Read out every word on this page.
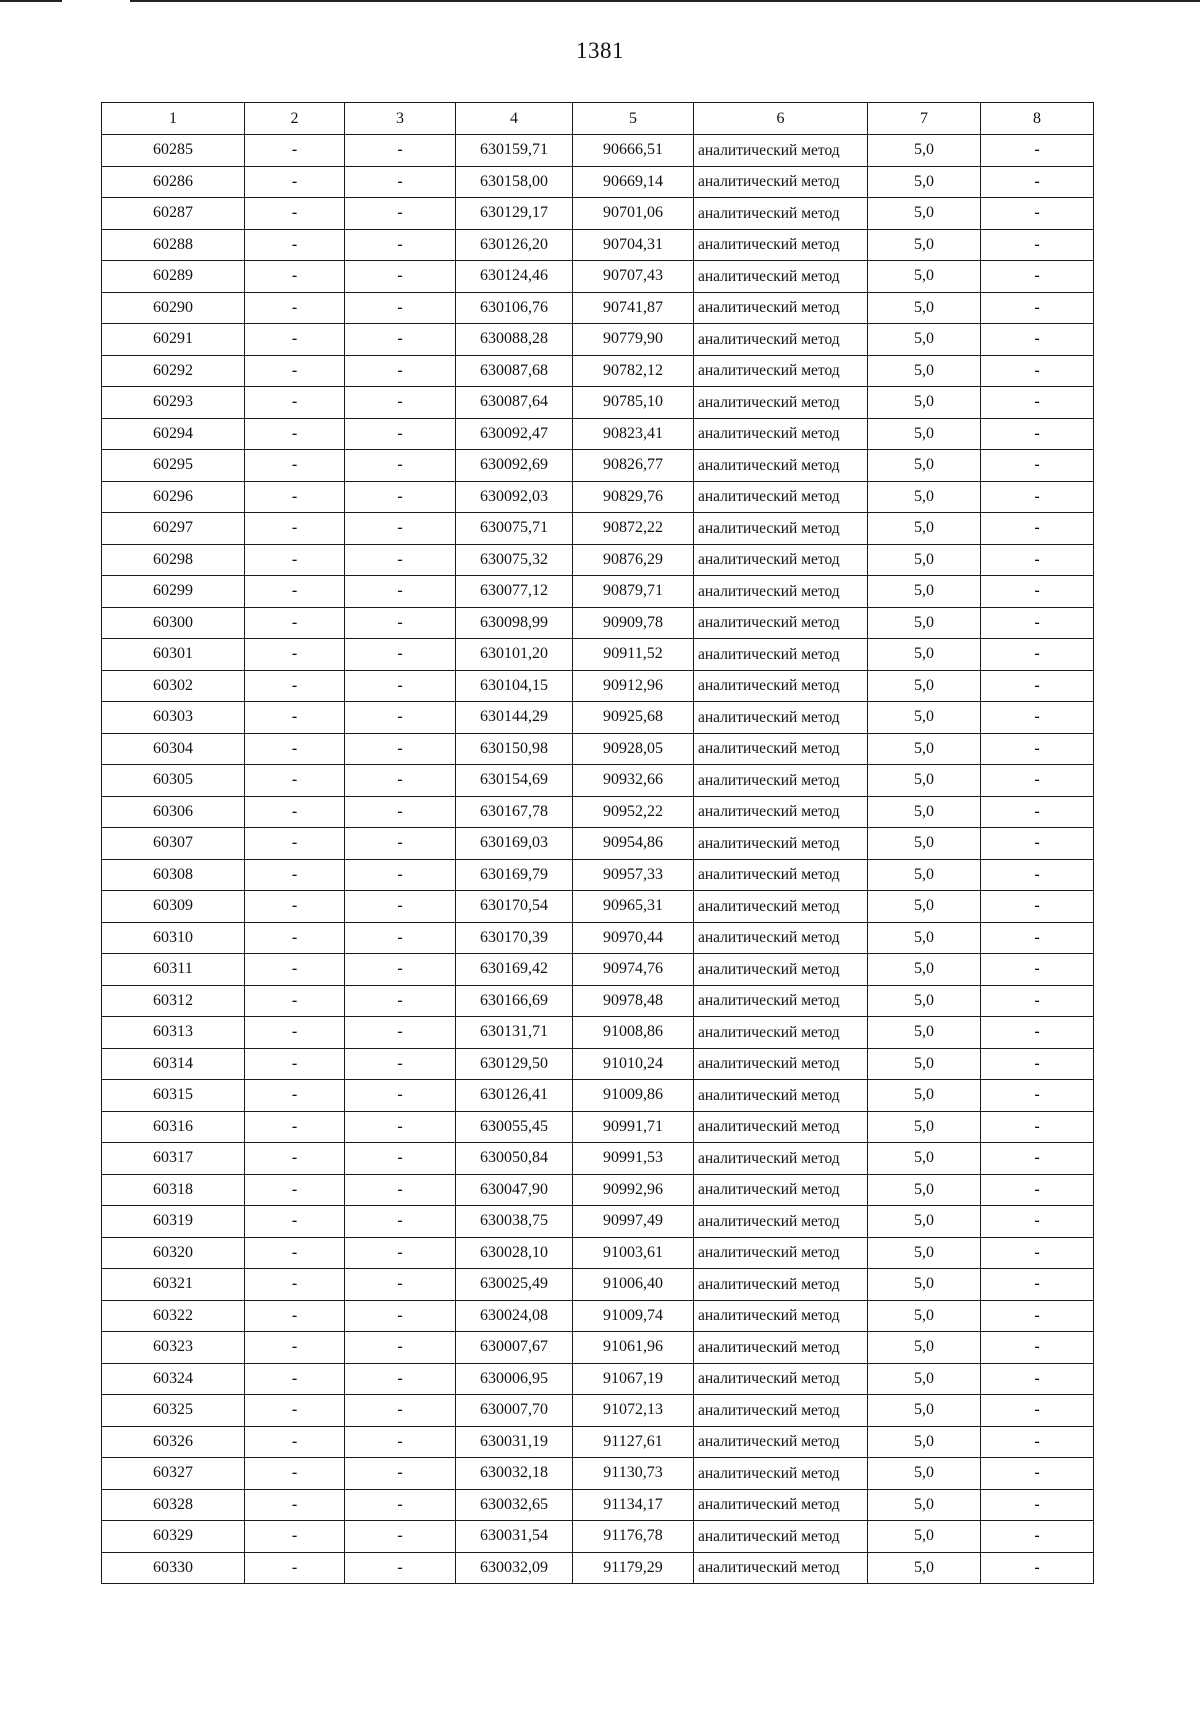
1381
1	2	3	4	5	6	7	8
60285	-	-	630159,71	90666,51	аналитический метод	5,0	-
60286	-	-	630158,00	90669,14	аналитический метод	5,0	-
60287	-	-	630129,17	90701,06	аналитический метод	5,0	-
60288	-	-	630126,20	90704,31	аналитический метод	5,0	-
60289	-	-	630124,46	90707,43	аналитический метод	5,0	-
60290	-	-	630106,76	90741,87	аналитический метод	5,0	-
60291	-	-	630088,28	90779,90	аналитический метод	5,0	-
60292	-	-	630087,68	90782,12	аналитический метод	5,0	-
60293	-	-	630087,64	90785,10	аналитический метод	5,0	-
60294	-	-	630092,47	90823,41	аналитический метод	5,0	-
60295	-	-	630092,69	90826,77	аналитический метод	5,0	-
60296	-	-	630092,03	90829,76	аналитический метод	5,0	-
60297	-	-	630075,71	90872,22	аналитический метод	5,0	-
60298	-	-	630075,32	90876,29	аналитический метод	5,0	-
60299	-	-	630077,12	90879,71	аналитический метод	5,0	-
60300	-	-	630098,99	90909,78	аналитический метод	5,0	-
60301	-	-	630101,20	90911,52	аналитический метод	5,0	-
60302	-	-	630104,15	90912,96	аналитический метод	5,0	-
60303	-	-	630144,29	90925,68	аналитический метод	5,0	-
60304	-	-	630150,98	90928,05	аналитический метод	5,0	-
60305	-	-	630154,69	90932,66	аналитический метод	5,0	-
60306	-	-	630167,78	90952,22	аналитический метод	5,0	-
60307	-	-	630169,03	90954,86	аналитический метод	5,0	-
60308	-	-	630169,79	90957,33	аналитический метод	5,0	-
60309	-	-	630170,54	90965,31	аналитический метод	5,0	-
60310	-	-	630170,39	90970,44	аналитический метод	5,0	-
60311	-	-	630169,42	90974,76	аналитический метод	5,0	-
60312	-	-	630166,69	90978,48	аналитический метод	5,0	-
60313	-	-	630131,71	91008,86	аналитический метод	5,0	-
60314	-	-	630129,50	91010,24	аналитический метод	5,0	-
60315	-	-	630126,41	91009,86	аналитический метод	5,0	-
60316	-	-	630055,45	90991,71	аналитический метод	5,0	-
60317	-	-	630050,84	90991,53	аналитический метод	5,0	-
60318	-	-	630047,90	90992,96	аналитический метод	5,0	-
60319	-	-	630038,75	90997,49	аналитический метод	5,0	-
60320	-	-	630028,10	91003,61	аналитический метод	5,0	-
60321	-	-	630025,49	91006,40	аналитический метод	5,0	-
60322	-	-	630024,08	91009,74	аналитический метод	5,0	-
60323	-	-	630007,67	91061,96	аналитический метод	5,0	-
60324	-	-	630006,95	91067,19	аналитический метод	5,0	-
60325	-	-	630007,70	91072,13	аналитический метод	5,0	-
60326	-	-	630031,19	91127,61	аналитический метод	5,0	-
60327	-	-	630032,18	91130,73	аналитический метод	5,0	-
60328	-	-	630032,65	91134,17	аналитический метод	5,0	-
60329	-	-	630031,54	91176,78	аналитический метод	5,0	-
60330	-	-	630032,09	91179,29	аналитический метод	5,0	-
